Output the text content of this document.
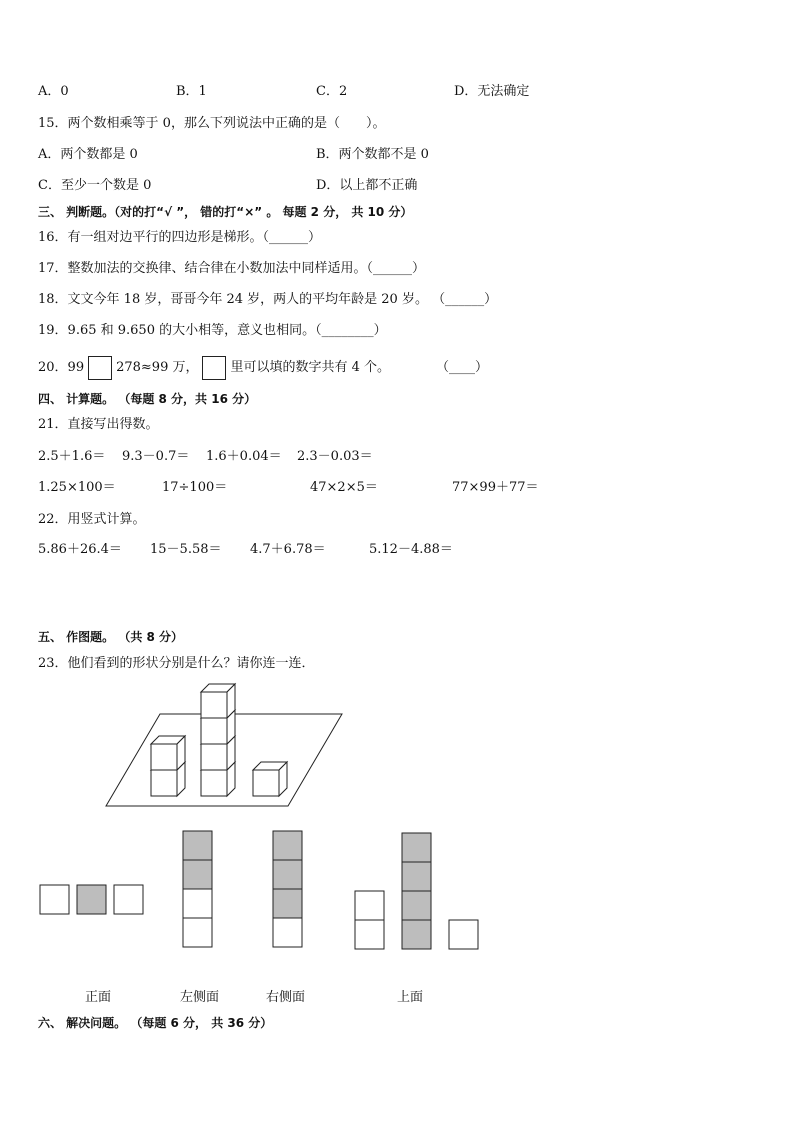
A．0	B．1	C．2	D．无法确定
15．两个数相乘等于 0，那么下列说法中正确的是（　　）。
A．两个数都是 0	B．两个数都不是 0
C．至少一个数是 0	D．以上都不正确
三、 判断题。（对的打“√ ”， 错的打“×” 。 每题 2 分， 共 10 分）
16．有一组对边平行的四边形是梯形。（______）
17．整数加法的交换律、结合律在小数加法中同样适用。（______）
18．文文今年 18 岁，哥哥今年 24 岁，两人的平均年龄是 20 岁。 （______）
19．9.65 和 9.650 的大小相等，意义也相同。（________）
20．99 278≈99 万， 里可以填的数字共有 4 个。	（____）
四、 计算题。 （每题 8 分，共 16 分）
21．直接写出得数。
2.5＋1.6＝ 9.3－0.7＝ 1.6＋0.04＝ 2.3－0.03＝
1.25×100＝	17÷100＝	47×2×5＝	77×99＋77＝
22．用竖式计算。
5.86＋26.4＝ 15－5.58＝ 4.7＋6.78＝	5.12－4.88＝
五、 作图题。 （共 8 分）
23．他们看到的形状分别是什么？请你连一连．
正面	左侧面	右侧面	上面
六、 解决问题。 （每题 6 分， 共 36 分）
